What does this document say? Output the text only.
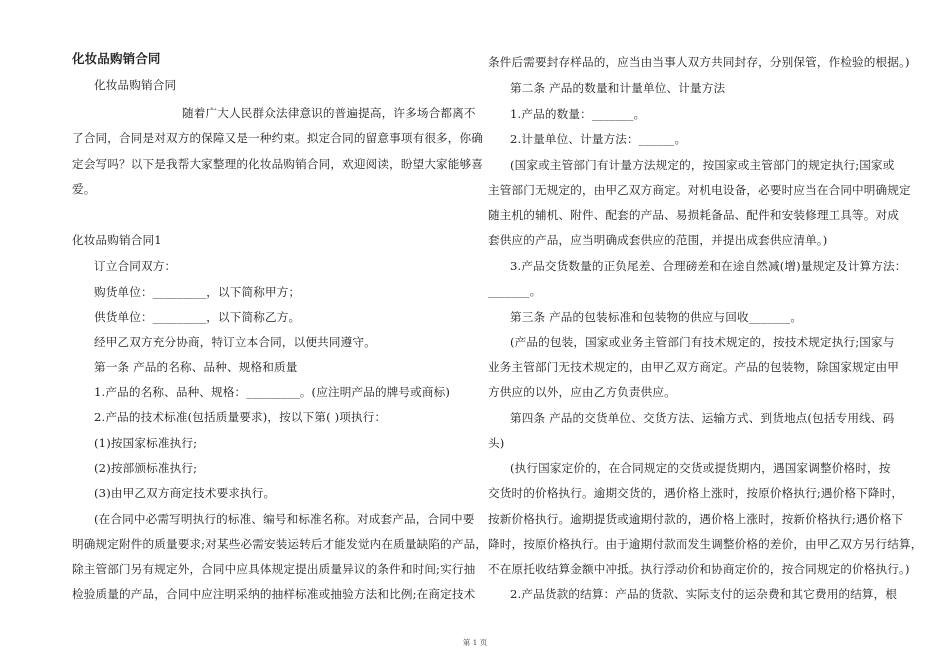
化妆品购销合同
化妆品购销合同
随着广大人民群众法律意识的普遍提高，许多场合都离不
了合同，合同是对双方的保障又是一种约束。拟定合同的留意事项有很多，你确
定会写吗？以下是我帮大家整理的化妆品购销合同，欢迎阅读，盼望大家能够喜
爱。
化妆品购销合同1
订立合同双方：
购货单位：_________，以下简称甲方；
供货单位：_________，以下简称乙方。
经甲乙双方充分协商，特订立本合同，以便共同遵守。
第一条 产品的名称、品种、规格和质量
1.产品的名称、品种、规格：_________。(应注明产品的牌号或商标)
2.产品的技术标准(包括质量要求)，按以下第( )项执行：
(1)按国家标准执行;
(2)按部颁标准执行;
(3)由甲乙双方商定技术要求执行。
(在合同中必需写明执行的标准、编号和标准名称。对成套产品，合同中要
明确规定附件的质量要求;对某些必需安装运转后才能发觉内在质量缺陷的产品，
除主管部门另有规定外，合同中应具体规定提出质量异议的条件和时间;实行抽
检验质量的产品，合同中应注明采纳的抽样标准或抽验方法和比例;在商定技术
条件后需要封存样品的，应当由当事人双方共同封存，分别保管，作检验的根据。)
第二条 产品的数量和计量单位、计量方法
1.产品的数量：_______。
2.计量单位、计量方法：______。
(国家或主管部门有计量方法规定的，按国家或主管部门的规定执行;国家或
主管部门无规定的，由甲乙双方商定。对机电设备，必要时应当在合同中明确规定
随主机的辅机、附件、配套的产品、易损耗备品、配件和安装修理工具等。对成
套供应的产品，应当明确成套供应的范围，并提出成套供应清单。)
3.产品交货数量的正负尾差、合理磅差和在途自然减(增)量规定及计算方法：
_______。
第三条 产品的包装标准和包装物的供应与回收_______。
(产品的包装，国家或业务主管部门有技术规定的，按技术规定执行;国家与
业务主管部门无技术规定的，由甲乙双方商定。产品的包装物，除国家规定由甲
方供应的以外，应由乙方负责供应。
第四条 产品的交货单位、交货方法、运输方式、到货地点(包括专用线、码
头)
(执行国家定价的，在合同规定的交货或提货期内，遇国家调整价格时，按
交货时的价格执行。逾期交货的，遇价格上涨时，按原价格执行;遇价格下降时，
按新价格执行。逾期提货或逾期付款的，遇价格上涨时，按新价格执行;遇价格下
降时，按原价格执行。由于逾期付款而发生调整价格的差价，由甲乙双方另行结算，
不在原托收结算金额中冲抵。执行浮动价和协商定价的，按合同规定的价格执行。)
2.产品货款的结算：产品的货款、实际支付的运杂费和其它费用的结算，根
第 1 页
